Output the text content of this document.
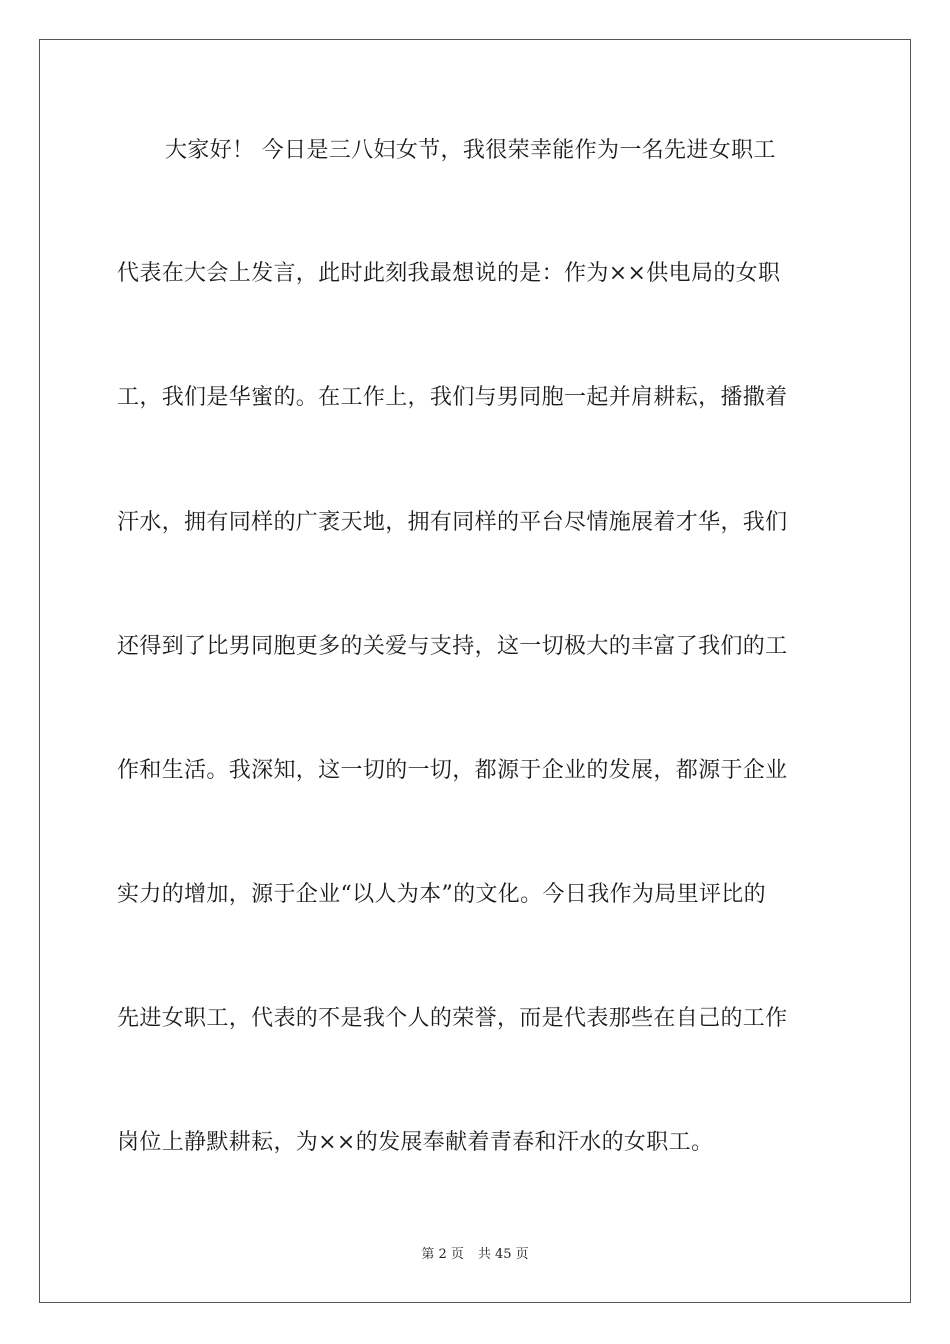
大家好！ 今日是三八妇女节，我很荣幸能作为一名先进女职工
代表在大会上发言，此时此刻我最想说的是：作为××供电局的女职
工，我们是华蜜的。在工作上，我们与男同胞一起并肩耕耘，播撒着
汗水，拥有同样的广袤天地，拥有同样的平台尽情施展着才华，我们
还得到了比男同胞更多的关爱与支持，这一切极大的丰富了我们的工
作和生活。我深知，这一切的一切，都源于企业的发展，都源于企业
实力的增加，源于企业“以人为本”的文化。今日我作为局里评比的
先进女职工，代表的不是我个人的荣誉，而是代表那些在自己的工作
岗位上静默耕耘，为××的发展奉献着青春和汗水的女职工。
第 2 页 共 45 页
